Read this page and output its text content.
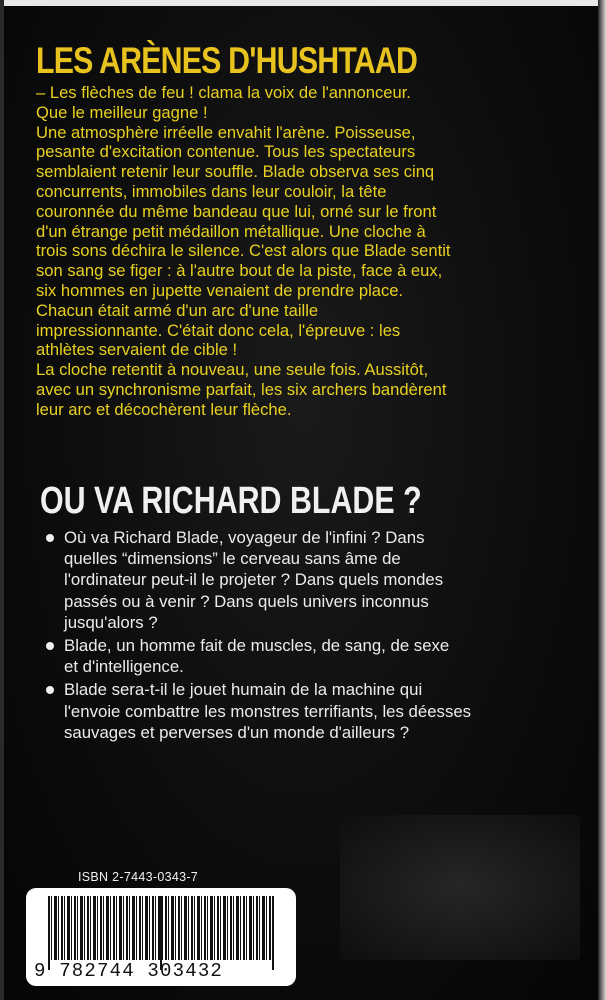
LES ARÈNES D'HUSHTAAD

– Les flèches de feu ! clama la voix de l'annonceur.

Que le meilleur gagne !

Une atmosphère irréelle envahit l'arène. Poisseuse,

pesante d'excitation contenue. Tous les spectateurs

semblaient retenir leur souffle. Blade observa ses cinq

concurrents, immobiles dans leur couloir, la tête

couronnée du même bandeau que lui, orné sur le front

d'un étrange petit médaillon métallique. Une cloche à

trois sons déchira le silence. C'est alors que Blade sentit

son sang se figer : à l'autre bout de la piste, face à eux,

six hommes en jupette venaient de prendre place.

Chacun était armé d'un arc d'une taille

impressionnante. C'était donc cela, l'épreuve : les

athlètes servaient de cible !

La cloche retentit à nouveau, une seule fois. Aussitôt,

avec un synchronisme parfait, les six archers bandèrent

leur arc et décochèrent leur flèche.

OU VA RICHARD BLADE ?

Où va Richard Blade, voyageur de l'infini ? Dans

quelles “dimensions” le cerveau sans âme de

l'ordinateur peut-il le projeter ? Dans quels mondes

passés ou à venir ? Dans quels univers inconnus

jusqu'alors ?

Blade, un homme fait de muscles, de sang, de sexe

et d'intelligence.

Blade sera-t-il le jouet humain de la machine qui

l'envoie combattre les monstres terrifiants, les déesses

sauvages et perverses d'un monde d'ailleurs ?

ISBN 2-7443-0343-7
9 782744 303432
